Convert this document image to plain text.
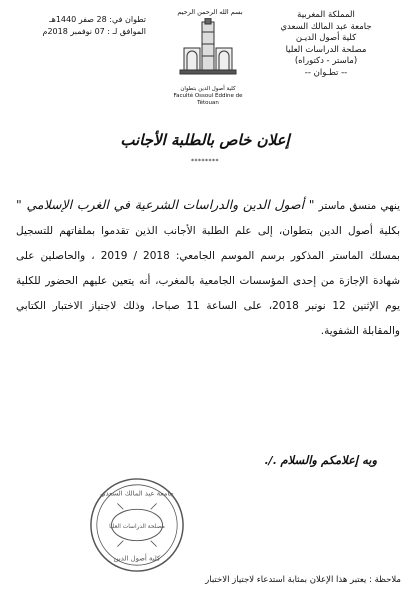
المملكة المغربية
جامعة عبد المالك السعدي
كلية أصول الديـن
مصلحة الدراسات العليا
(ماستر - دكتوراه)
-- تطـوان --
بسم الله الرحمن الرحيم
كلية أصول الدين بتطوان
Faculté Ossoul Eddine de Tétouan
تطوان في: 28 صفر 1440هـ
الموافق لـ : 07 نوفمبر 2018م
إعلان خاص بالطلبة الأجانب
********

ينهي منسق ماستر " أصول الدين والدراسات الشرعية في الغرب الإسلامي " بكلية أصول الدين بتطوان، إلى علم الطلبة الأجانب الذين تقدموا بملفاتهم للتسجيل بمسلك الماستر المذكور برسم الموسم الجامعي: 2018 / 2019 ، والحاصلين على شهادة الإجازة من إحدى المؤسسات الجامعية بالمغرب، أنه يتعين عليهم الحضور للكلية يوم الإثنين 12 نونبر 2018، على الساعة 11 صباحا، وذلك لاجتياز الاختبار الكتابي والمقابلة الشفوية.

وبه إعلامكم والسلام ./.
جامعة عبد المالك السعدي
مصلحة الدراسات العليا
كلية أصول الدين
ملاحظة : يعتبر هذا الإعلان بمثابة استدعاء لاجتياز الاختبار
